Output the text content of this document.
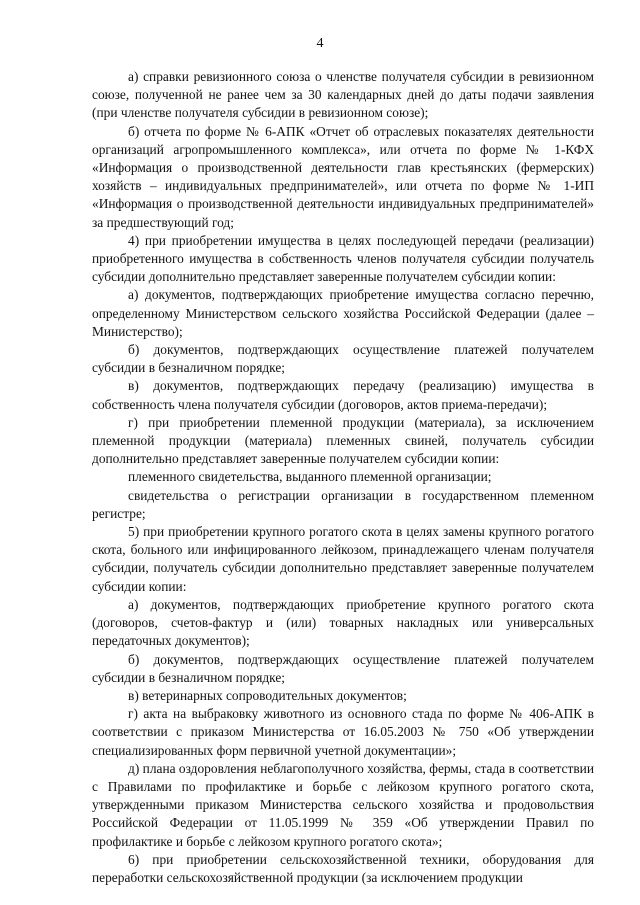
4

а) справки ревизионного союза о членстве получателя субсидии в ревизионном союзе, полученной не ранее чем за 30 календарных дней до даты подачи заявления (при членстве получателя субсидии в ревизионном союзе);

б) отчета по форме № 6-АПК «Отчет об отраслевых показателях деятельности организаций агропромышленного комплекса», или отчета по форме № 1-КФХ «Информация о производственной деятельности глав крестьянских (фермерских) хозяйств – индивидуальных предпринимателей», или отчета по форме № 1-ИП «Информация о производственной деятельности индивидуальных предпринимателей» за предшествующий год;

4) при приобретении имущества в целях последующей передачи (реализации) приобретенного имущества в собственность членов получателя субсидии получатель субсидии дополнительно представляет заверенные получателем субсидии копии:

а) документов, подтверждающих приобретение имущества согласно перечню, определенному Министерством сельского хозяйства Российской Федерации (далее – Министерство);

б) документов, подтверждающих осуществление платежей получателем субсидии в безналичном порядке;

в) документов, подтверждающих передачу (реализацию) имущества в собственность члена получателя субсидии (договоров, актов приема-передачи);

г) при приобретении племенной продукции (материала), за исключением племенной продукции (материала) племенных свиней, получатель субсидии дополнительно представляет заверенные получателем субсидии копии:

племенного свидетельства, выданного племенной организации;

свидетельства о регистрации организации в государственном племенном регистре;

5) при приобретении крупного рогатого скота в целях замены крупного рогатого скота, больного или инфицированного лейкозом, принадлежащего членам получателя субсидии, получатель субсидии дополнительно представляет заверенные получателем субсидии копии:

а) документов, подтверждающих приобретение крупного рогатого скота (договоров, счетов-фактур и (или) товарных накладных или универсальных передаточных документов);

б) документов, подтверждающих осуществление платежей получателем субсидии в безналичном порядке;

в) ветеринарных сопроводительных документов;

г) акта на выбраковку животного из основного стада по форме № 406-АПК в соответствии с приказом Министерства от 16.05.2003 № 750 «Об утверждении специализированных форм первичной учетной документации»;

д) плана оздоровления неблагополучного хозяйства, фермы, стада в соответствии с Правилами по профилактике и борьбе с лейкозом крупного рогатого скота, утвержденными приказом Министерства сельского хозяйства и продовольствия Российской Федерации от 11.05.1999 № 359 «Об утверждении Правил по профилактике и борьбе с лейкозом крупного рогатого скота»;

6) при приобретении сельскохозяйственной техники, оборудования для переработки сельскохозяйственной продукции (за исключением продукции
